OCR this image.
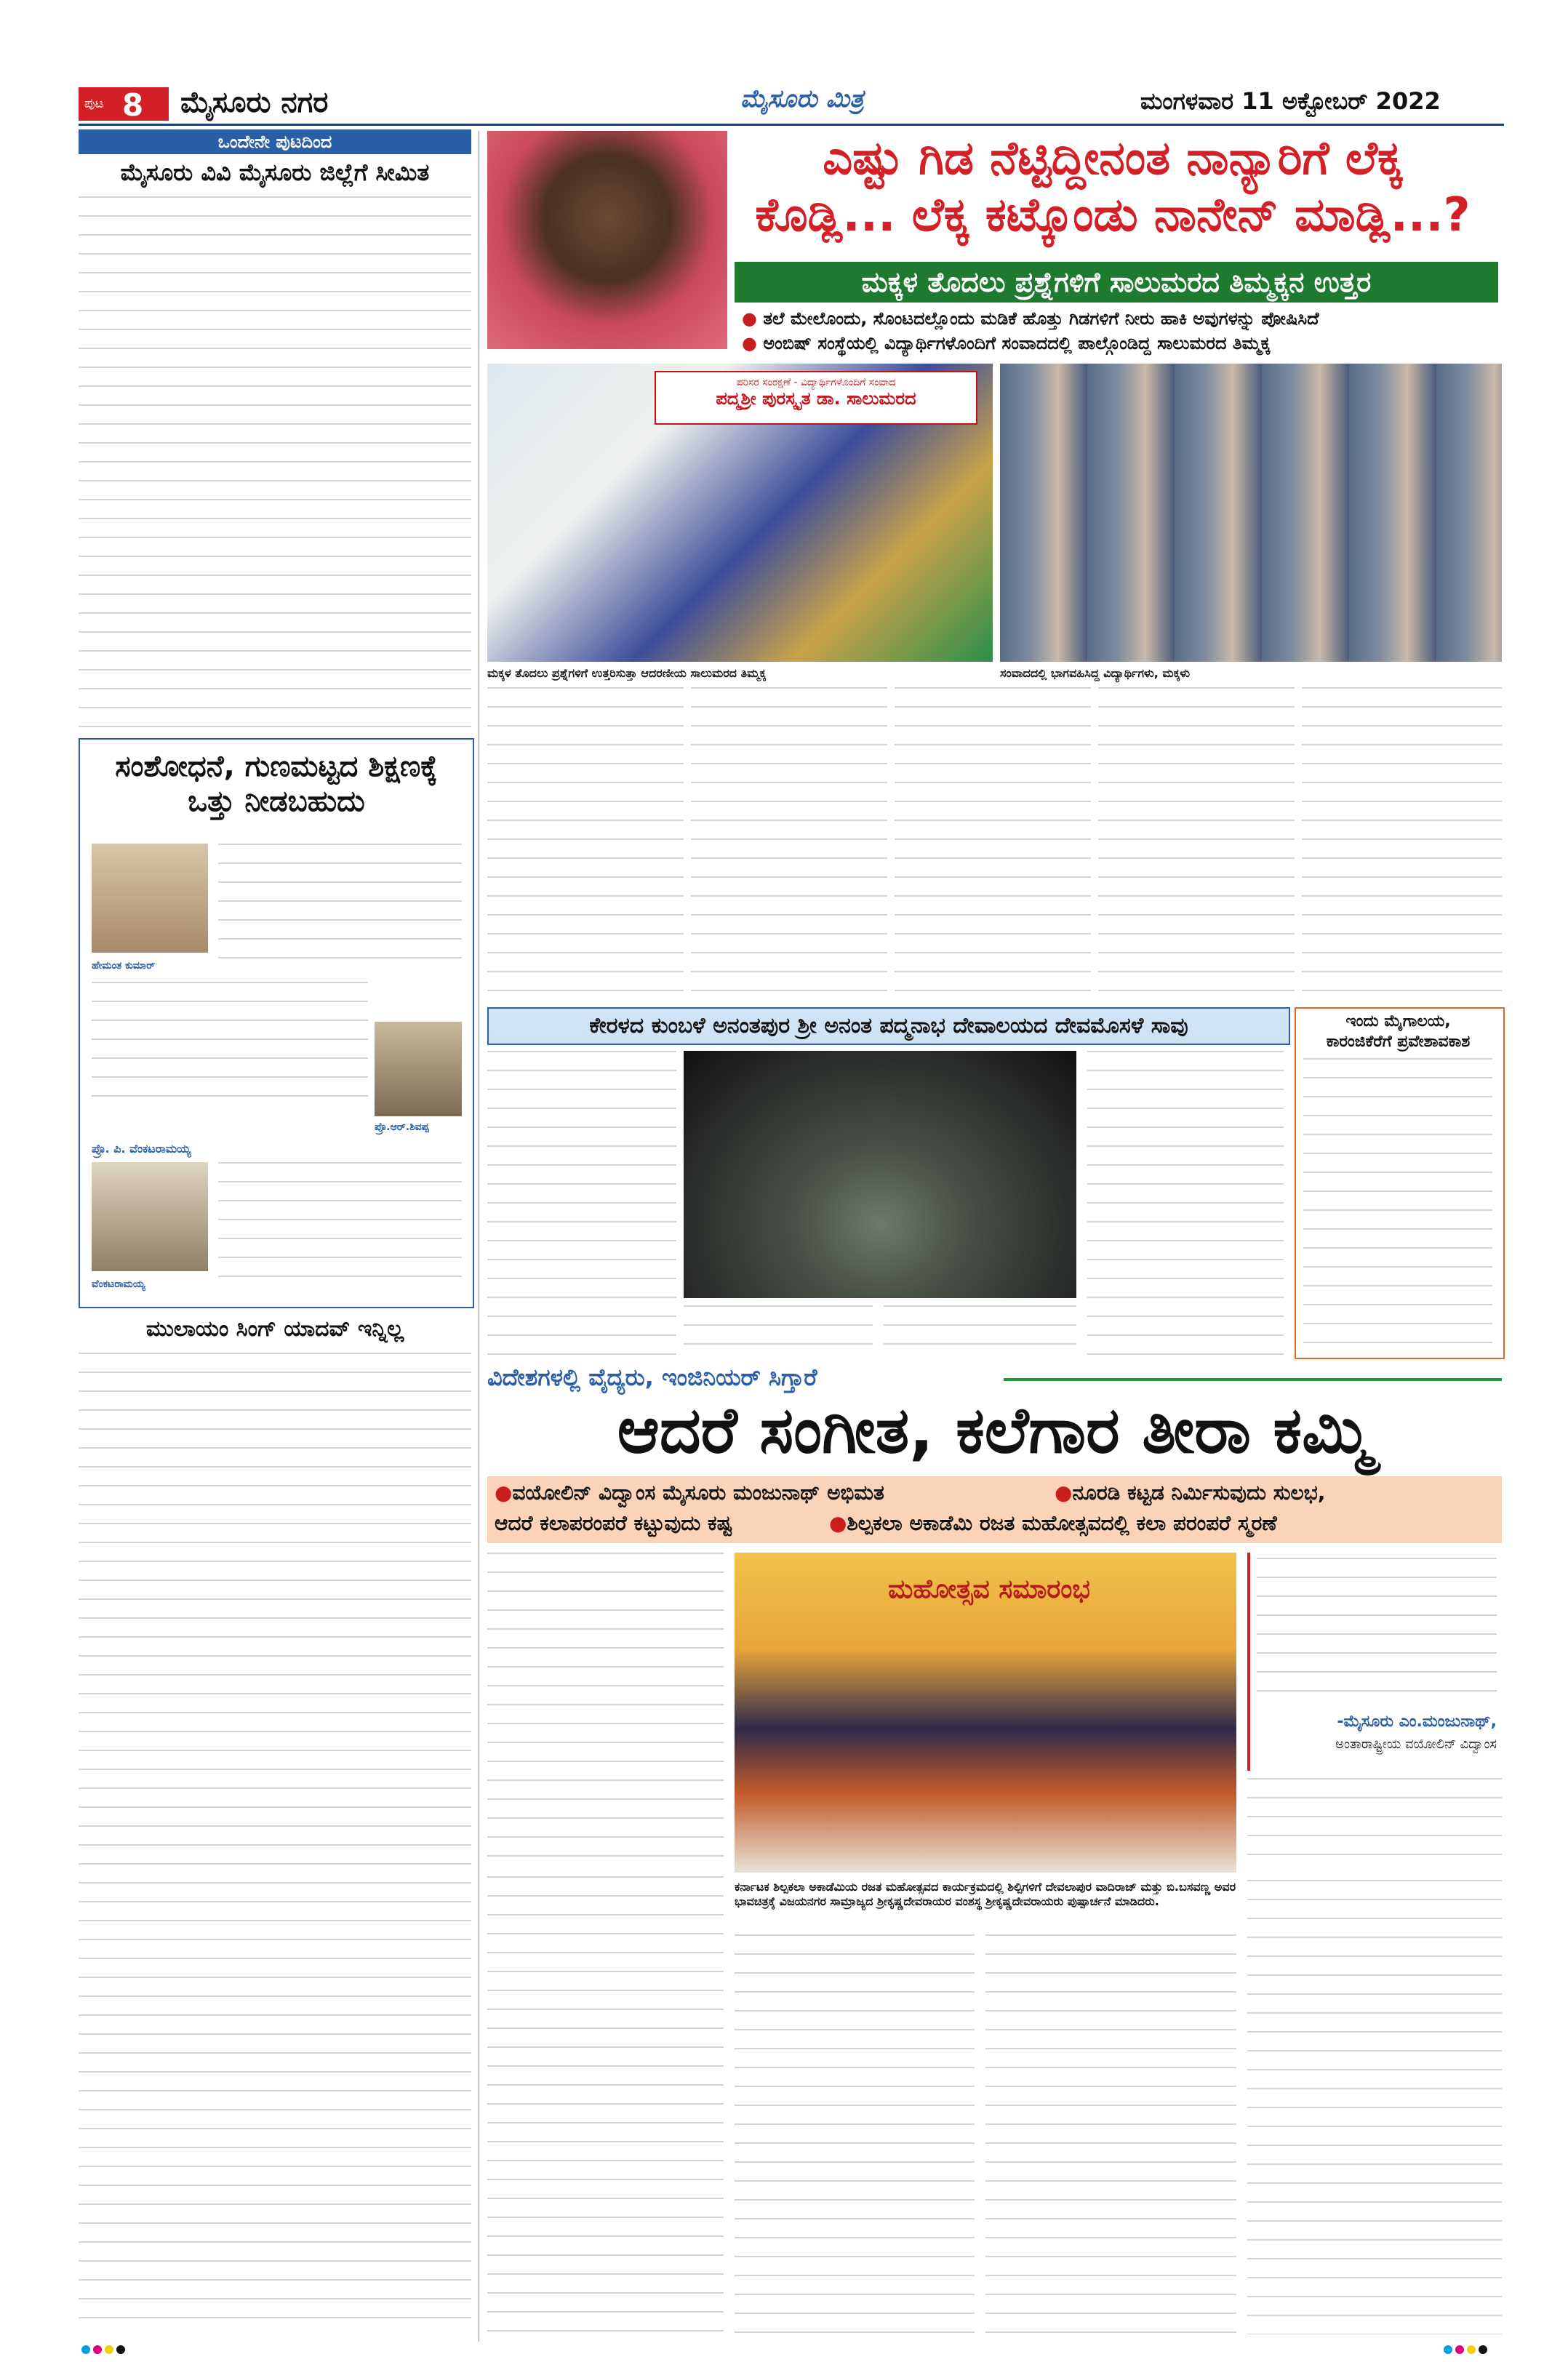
ಪುಟ 8 ಮೈಸೂರು ನಗರ	ಮೈಸೂರು ಮಿತ್ರ	ಮಂಗಳವಾರ 11 ಅಕ್ಟೋಬರ್ 2022
ಒಂದೇನೇ ಪುಟದಿಂದ
ಮೈಸೂರು ವಿವಿ ಮೈಸೂರು ಜಿಲ್ಲೆಗೆ ಸೀಮಿತ
ಸಂಶೋಧನೆ, ಗುಣಮಟ್ಟದ ಶಿಕ್ಷಣಕ್ಕೆ ಒತ್ತು ನೀಡಬಹುದು
ಹೇಮಂತ ಕುಮಾರ್
ಪ್ರೊ.ಆರ್.ಶಿವಪ್ಪ
ಪ್ರೊ. ಪಿ. ವೆಂಕಟರಾಮಯ್ಯ
ವೆಂಕಟರಾಮಯ್ಯ
ಮುಲಾಯಂ ಸಿಂಗ್ ಯಾದವ್ ಇನ್ನಿಲ್ಲ
ಎಷ್ಟು ಗಿಡ ನೆಟ್ಟಿದ್ದೀನಂತ ನಾನ್ಯಾರಿಗೆ ಲೆಕ್ಕ
ಕೊಡ್ಲಿ... ಲೆಕ್ಕ ಕಟ್ಕೊಂಡು ನಾನೇನ್ ಮಾಡ್ಲಿ...?
ಮಕ್ಕಳ ತೊದಲು ಪ್ರಶ್ನೆಗಳಿಗೆ ಸಾಲುಮರದ ತಿಮ್ಮಕ್ಕನ ಉತ್ತರ
● ತಲೆ ಮೇಲೊಂದು, ಸೊಂಟದಲ್ಲೊಂದು ಮಡಿಕೆ ಹೊತ್ತು ಗಿಡಗಳಿಗೆ ನೀರು ಹಾಕಿ ಅವುಗಳನ್ನು ಪೋಷಿಸಿದೆ
● ಅಂಬಿಷ್ ಸಂಸ್ಥೆಯಲ್ಲಿ ವಿದ್ಯಾರ್ಥಿಗಳೊಂದಿಗೆ ಸಂವಾದದಲ್ಲಿ ಪಾಲ್ಗೊಂಡಿದ್ದ ಸಾಲುಮರದ ತಿಮ್ಮಕ್ಕ
ಪರಿಸರ ಸಂರಕ್ಷಣೆ - ವಿದ್ಯಾರ್ಥಿಗಳೊಂದಿಗೆ ಸಂವಾದ
ಪದ್ಮಶ್ರೀ ಪುರಸ್ಕೃತ ಡಾ. ಸಾಲುಮರದ
ಮಕ್ಕಳ ತೊದಲು ಪ್ರಶ್ನೆಗಳಿಗೆ ಉತ್ತರಿಸುತ್ತಾ ಆದರಣೀಯ ಸಾಲುಮರದ ತಿಮ್ಮಕ್ಕ	ಸಂವಾದದಲ್ಲಿ ಭಾಗವಹಿಸಿದ್ದ ವಿದ್ಯಾರ್ಥಿಗಳು, ಮಕ್ಕಳು
ಕೇರಳದ ಕುಂಬಳೆ ಅನಂತಪುರ ಶ್ರೀ ಅನಂತ ಪದ್ಮನಾಭ ದೇವಾಲಯದ ದೇವಮೊಸಳೆ ಸಾವು	ಇಂದು ಮೈಗಾಲಯ,
ಕಾರಂಜಿಕೆರೆಗೆ ಪ್ರವೇಶಾವಕಾಶ
ವಿದೇಶಗಳಲ್ಲಿ ವೈದ್ಯರು, ಇಂಜಿನಿಯರ್ ಸಿಗ್ತಾರೆ
ಆದರೆ ಸಂಗೀತ, ಕಲೆಗಾರ ತೀರಾ ಕಮ್ಮಿ
●ವಯೋಲಿನ್ ವಿದ್ವಾಂಸ ಮೈಸೂರು ಮಂಜುನಾಥ್ ಅಭಿಮತ	●ನೂರಡಿ ಕಟ್ಟಡ ನಿರ್ಮಿಸುವುದು ಸುಲಭ,
ಆದರೆ ಕಲಾಪರಂಪರೆ ಕಟ್ಟುವುದು ಕಷ್ಟ	●ಶಿಲ್ಪಕಲಾ ಅಕಾಡೆಮಿ ರಜತ ಮಹೋತ್ಸವದಲ್ಲಿ ಕಲಾ ಪರಂಪರೆ ಸ್ಮರಣೆ
ಮಹೋತ್ಸವ ಸಮಾರಂಭ
-ಮೈಸೂರು ಎಂ.ಮಂಜುನಾಥ್,
ಅಂತಾರಾಷ್ಟ್ರೀಯ ವಯೋಲಿನ್ ವಿದ್ವಾಂಸ
ಕರ್ನಾಟಕ ಶಿಲ್ಪಕಲಾ ಅಕಾಡೆಮಿಯ ರಜತ ಮಹೋತ್ಸವದ ಕಾರ್ಯಕ್ರಮದಲ್ಲಿ ಶಿಲ್ಪಿಗಳಿಗೆ ದೇವಲಾಪುರ ವಾದಿರಾಜ್ ಮತ್ತು ಬಿ.ಬಸವಣ್ಣ ಅವರ ಭಾವಚಿತ್ರಕ್ಕೆ ವಿಜಯನಗರ ಸಾಮ್ರಾಜ್ಯದ ಶ್ರೀಕೃಷ್ಣದೇವರಾಯರ ವಂಶಸ್ಥ ಶ್ರೀಕೃಷ್ಣದೇವರಾಯರು ಪುಷ್ಪಾರ್ಚನೆ ಮಾಡಿದರು.
